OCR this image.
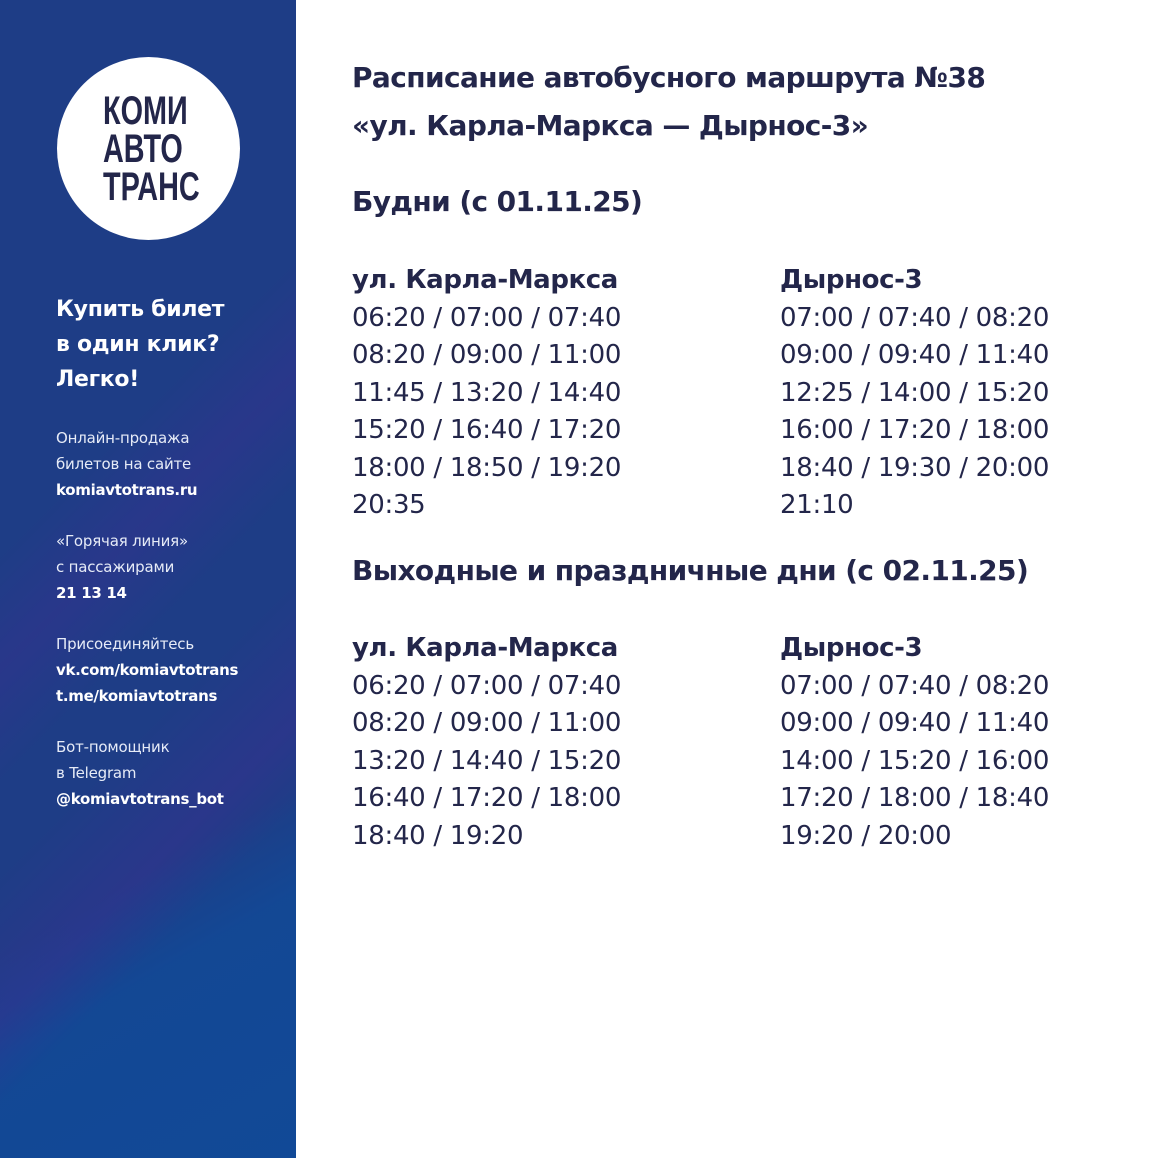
КОМИ
АВТО
ТРАНС
Купить билет
в один клик?
Легко!
Онлайн-продажа
билетов на сайте
komiavtotrans.ru
«Горячая линия»
с пассажирами
21 13 14
Присоединяйтесь
vk.com/komiavtotrans
t.me/komiavtotrans
Бот-помощник
в Telegram
@komiavtotrans_bot
Расписание автобусного маршрута №38
«ул. Карла-Маркса — Дырнос-3»
Будни (с 01.11.25)
ул. Карла-Маркса
06:20 / 07:00 / 07:40
08:20 / 09:00 / 11:00
11:45 / 13:20 / 14:40
15:20 / 16:40 / 17:20
18:00 / 18:50 / 19:20
20:35
Дырнос-3
07:00 / 07:40 / 08:20
09:00 / 09:40 / 11:40
12:25 / 14:00 / 15:20
16:00 / 17:20 / 18:00
18:40 / 19:30 / 20:00
21:10
Выходные и праздничные дни (с 02.11.25)
ул. Карла-Маркса
06:20 / 07:00 / 07:40
08:20 / 09:00 / 11:00
13:20 / 14:40 / 15:20
16:40 / 17:20 / 18:00
18:40 / 19:20
Дырнос-3
07:00 / 07:40 / 08:20
09:00 / 09:40 / 11:40
14:00 / 15:20 / 16:00
17:20 / 18:00 / 18:40
19:20 / 20:00
